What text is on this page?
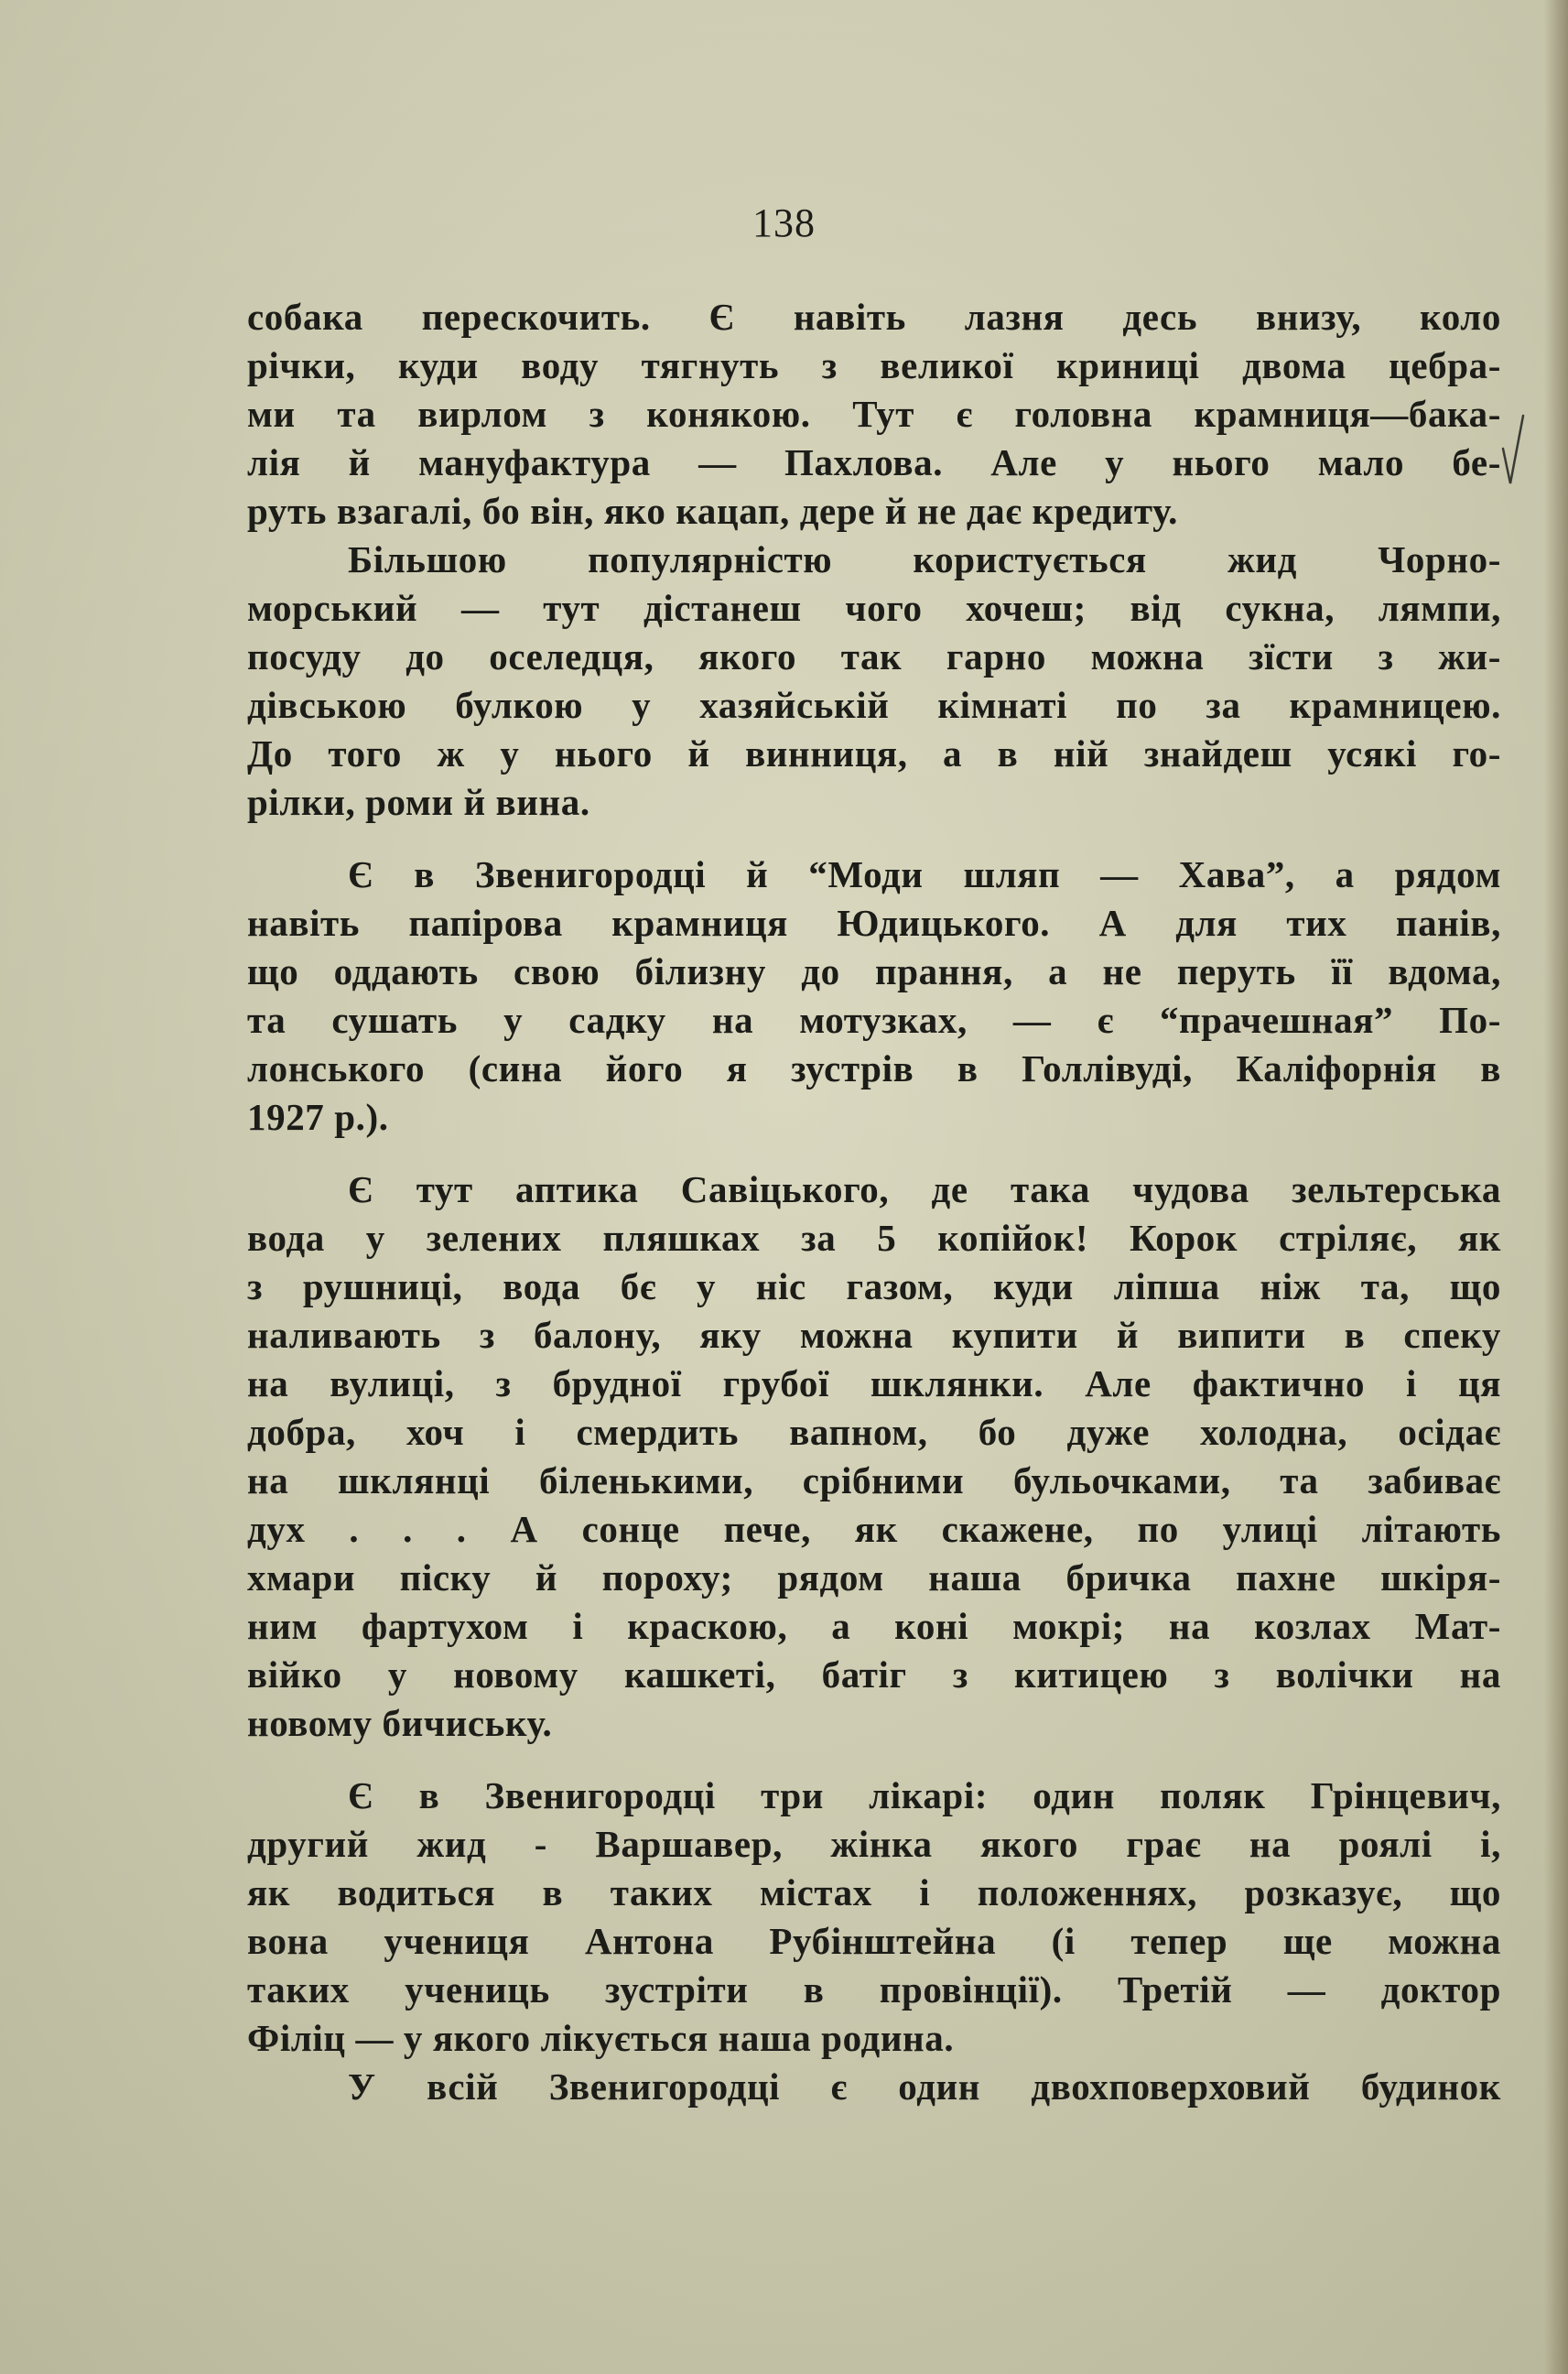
138
собака перескочить. Є навіть лазня десь внизу, коло
річки, куди воду тягнуть з великої криниці двома цебра-
ми та вирлом з конякою. Тут є головна крамниця—бака-
лія й мануфактура — Пахлова. Але у нього мало бе-
руть взагалі, бо він, яко кацап, дере й не дає кредиту.
Більшою популярністю користується жид Чорно-
морський — тут дістанеш чого хочеш; від сукна, лямпи,
посуду до оселедця, якого так гарно можна зїсти з жи-
дівською булкою у хазяйській кімнаті по за крамницею.
До того ж у нього й винниця, а в ній знайдеш усякі го-
рілки, роми й вина.
Є в Звенигородці й “Моди шляп — Хава”, а рядом
навіть папірова крамниця Юдицького. А для тих панів,
що оддають свою білизну до прання, а не перуть її вдома,
та сушать у садку на мотузках, — є “прачешная” По-
лонського (сина його я зустрів в Голлівуді, Каліфорнія в
1927 р.).
Є тут аптика Савіцького, де така чудова зельтерська
вода у зелених пляшках за 5 копійок! Корок стріляє, як
з рушниці, вода бє у ніс газом, куди ліпша ніж та, що
наливають з балону, яку можна купити й випити в спеку
на вулиці, з брудної грубої шклянки. Але фактично і ця
добра, хоч і смердить вапном, бо дуже холодна, осідає
на шклянці біленькими, срібними бульочками, та забиває
дух . . . А сонце пече, як скажене, по улиці літають
хмари піску й пороху; рядом наша бричка пахне шкіря-
ним фартухом і краскою, а коні мокрі; на козлах Мат-
війко у новому кашкеті, батіг з китицею з волічки на
новому бичиську.
Є в Звенигородці три лікарі: один поляк Грінцевич,
другий жид - Варшавер, жінка якого грає на роялі і,
як водиться в таких містах і положеннях, розказує, що
вона учениця Антона Рубінштейна (і тепер ще можна
таких учениць зустріти в провінції). Третій — доктор
Філіц — у якого лікується наша родина.
У всій Звенигородці є один двохповерховий будинок
